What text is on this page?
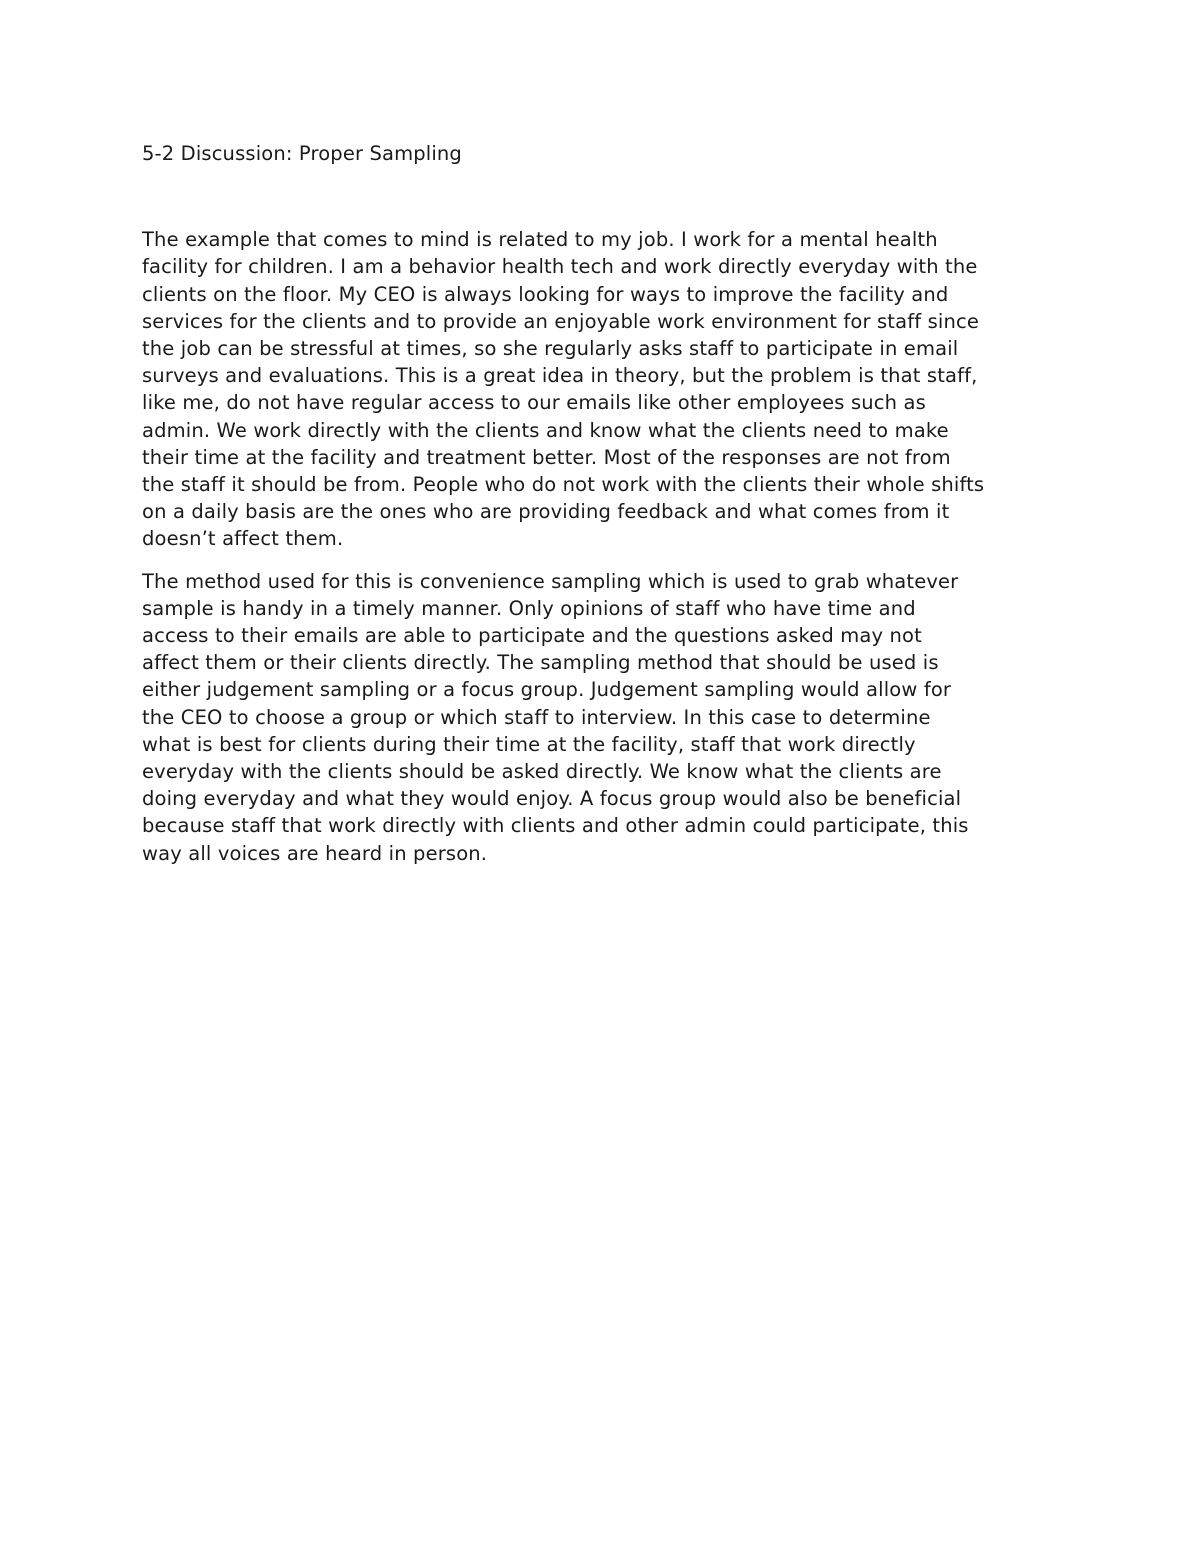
5-2 Discussion: Proper Sampling

The example that comes to mind is related to my job. I work for a mental health
facility for children. I am a behavior health tech and work directly everyday with the
clients on the floor. My CEO is always looking for ways to improve the facility and
services for the clients and to provide an enjoyable work environment for staff since
the job can be stressful at times, so she regularly asks staff to participate in email
surveys and evaluations. This is a great idea in theory, but the problem is that staff,
like me, do not have regular access to our emails like other employees such as
admin. We work directly with the clients and know what the clients need to make
their time at the facility and treatment better. Most of the responses are not from
the staff it should be from. People who do not work with the clients their whole shifts
on a daily basis are the ones who are providing feedback and what comes from it
doesn’t affect them.

The method used for this is convenience sampling which is used to grab whatever
sample is handy in a timely manner. Only opinions of staff who have time and
access to their emails are able to participate and the questions asked may not
affect them or their clients directly. The sampling method that should be used is
either judgement sampling or a focus group. Judgement sampling would allow for
the CEO to choose a group or which staff to interview. In this case to determine
what is best for clients during their time at the facility, staff that work directly
everyday with the clients should be asked directly. We know what the clients are
doing everyday and what they would enjoy. A focus group would also be beneficial
because staff that work directly with clients and other admin could participate, this
way all voices are heard in person.
